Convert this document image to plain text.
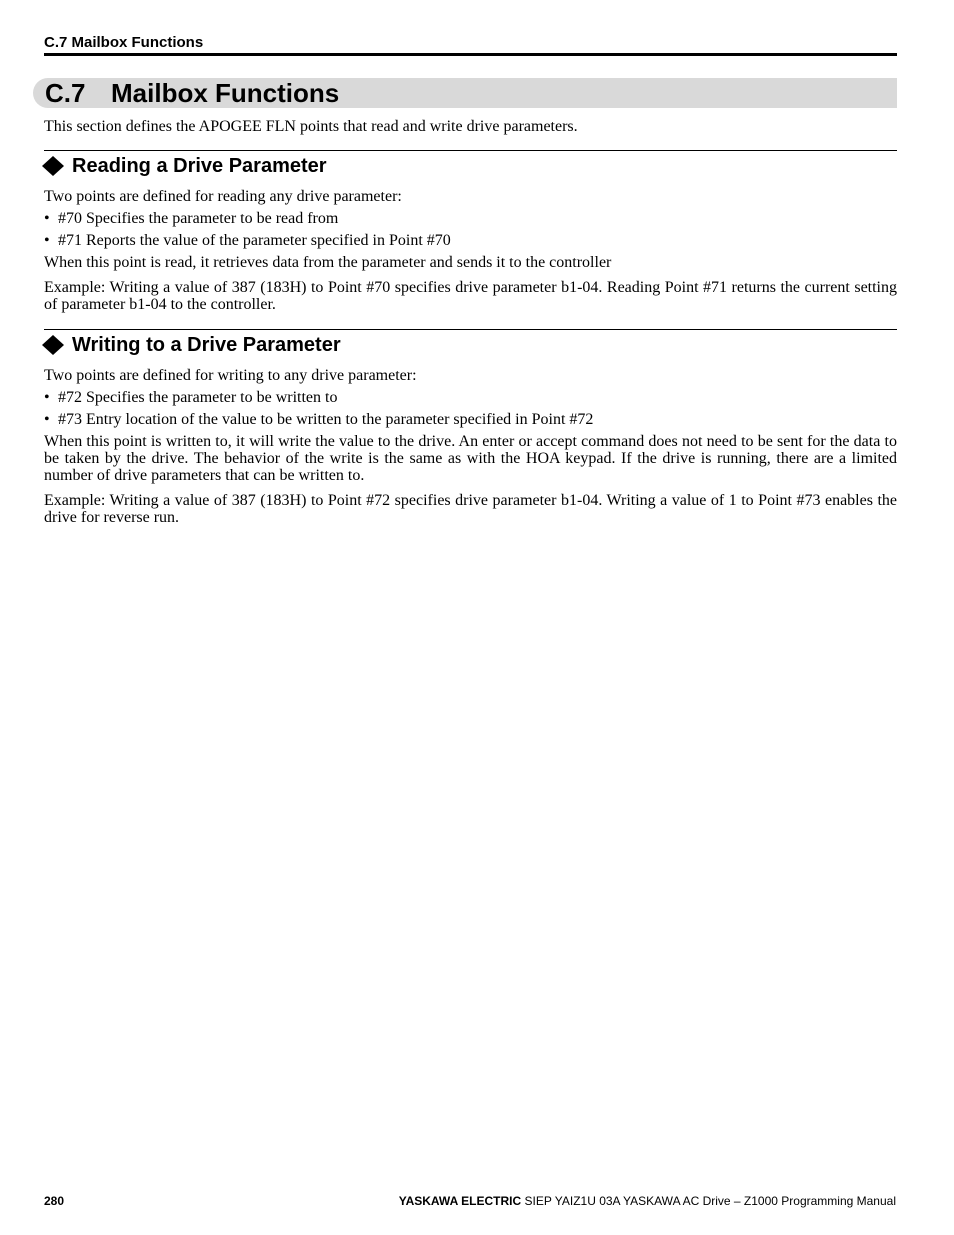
C.7 Mailbox Functions
C.7 Mailbox Functions

This section defines the APOGEE FLN points that read and write drive parameters.

Reading a Drive Parameter

Two points are defined for reading any drive parameter:

• #70 Specifies the parameter to be read from
• #71 Reports the value of the parameter specified in Point #70

When this point is read, it retrieves data from the parameter and sends it to the controller

Example: Writing a value of 387 (183H) to Point #70 specifies drive parameter b1-04. Reading Point #71 returns the current setting of parameter b1-04 to the controller.

Writing to a Drive Parameter

Two points are defined for writing to any drive parameter:

• #72 Specifies the parameter to be written to
• #73 Entry location of the value to be written to the parameter specified in Point #72

When this point is written to, it will write the value to the drive. An enter or accept command does not need to be sent for the data to be taken by the drive. The behavior of the write is the same as with the HOA keypad. If the drive is running, there are a limited number of drive parameters that can be written to.

Example: Writing a value of 387 (183H) to Point #72 specifies drive parameter b1-04. Writing a value of 1 to Point #73 enables the drive for reverse run.

280	YASKAWA ELECTRIC SIEP YAIZ1U 03A YASKAWA AC Drive – Z1000 Programming Manual
